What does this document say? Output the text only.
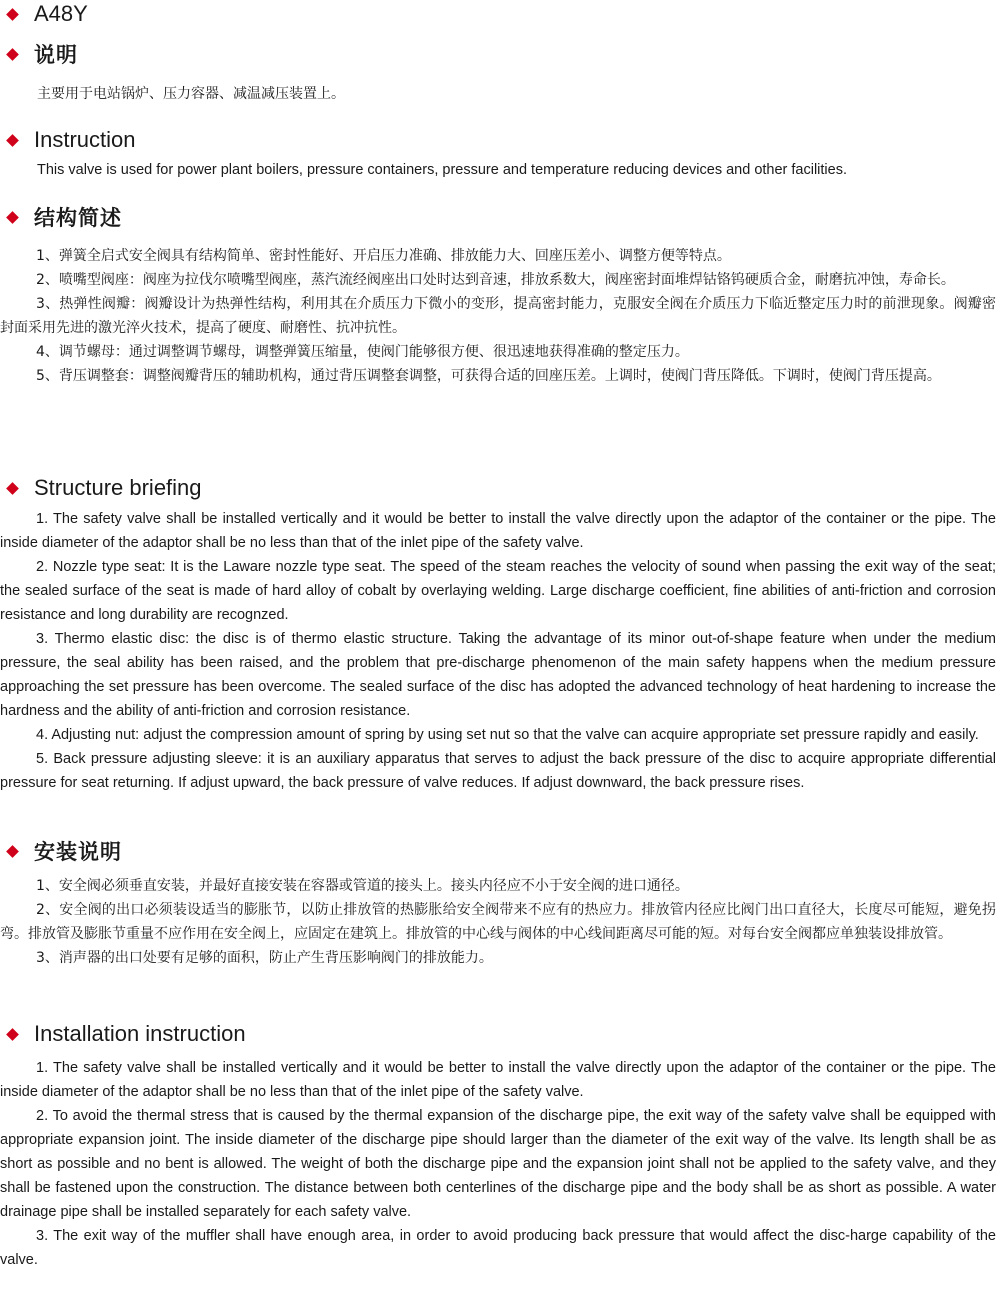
A48Y
说明

主要用于电站锅炉、压力容器、减温减压装置上。

Instruction

This valve is used for power plant boilers, pressure containers, pressure and temperature reducing devices and other facilities.

结构简述

1、弹簧全启式安全阀具有结构简单、密封性能好、开启压力准确、排放能力大、回座压差小、调整方便等特点。

2、喷嘴型阀座：阀座为拉伐尔喷嘴型阀座，蒸汽流经阀座出口处时达到音速，排放系数大，阀座密封面堆焊钴铬钨硬质合金，耐磨抗冲蚀，寿命长。

3、热弹性阀瓣：阀瓣设计为热弹性结构，利用其在介质压力下微小的变形，提高密封能力，克服安全阀在介质压力下临近整定压力时的前泄现象。阀瓣密封面采用先进的激光淬火技术，提高了硬度、耐磨性、抗冲抗性。

4、调节螺母：通过调整调节螺母，调整弹簧压缩量，使阀门能够很方便、很迅速地获得准确的整定压力。

5、背压调整套：调整阀瓣背压的辅助机构，通过背压调整套调整，可获得合适的回座压差。上调时，使阀门背压降低。下调时，使阀门背压提高。

Structure briefing

1. The safety valve shall be installed vertically and it would be better to install the valve directly upon the adaptor of the container or the pipe. The inside diameter of the adaptor shall be no less than that of the inlet pipe of the safety valve.

2. Nozzle type seat: It is the Laware nozzle type seat. The speed of the steam reaches the velocity of sound when passing the exit way of the seat; the sealed surface of the seat is made of hard alloy of cobalt by overlaying welding. Large discharge coefficient, fine abilities of anti-friction and corrosion resistance and long durability are recognzed.

3. Thermo elastic disc: the disc is of thermo elastic structure. Taking the advantage of its minor out-of-shape feature when under the medium pressure, the seal ability has been raised, and the problem that pre-discharge phenomenon of the main safety happens when the medium pressure approaching the set pressure has been overcome. The sealed surface of the disc has adopted the advanced technology of heat hardening to increase the hardness and the ability of anti-friction and corrosion resistance.

4. Adjusting nut: adjust the compression amount of spring by using set nut so that the valve can acquire appropriate set pressure rapidly and easily.

5. Back pressure adjusting sleeve: it is an auxiliary apparatus that serves to adjust the back pressure of the disc to acquire appropriate differential pressure for seat returning. If adjust upward, the back pressure of valve reduces. If adjust downward, the back pressure rises.

安装说明

1、安全阀必须垂直安装，并最好直接安装在容器或管道的接头上。接头内径应不小于安全阀的进口通径。

2、安全阀的出口必须装设适当的膨胀节，以防止排放管的热膨胀给安全阀带来不应有的热应力。排放管内径应比阀门出口直径大，长度尽可能短，避免拐弯。排放管及膨胀节重量不应作用在安全阀上，应固定在建筑上。排放管的中心线与阀体的中心线间距离尽可能的短。对每台安全阀都应单独装设排放管。

3、消声器的出口处要有足够的面积，防止产生背压影响阀门的排放能力。

Installation instruction

1. The safety valve shall be installed vertically and it would be better to install the valve directly upon the adaptor of the container or the pipe. The inside diameter of the adaptor shall be no less than that of the inlet pipe of the safety valve.

2. To avoid the thermal stress that is caused by the thermal expansion of the discharge pipe, the exit way of the safety valve shall be equipped with appropriate expansion joint. The inside diameter of the discharge pipe should larger than the diameter of the exit way of the valve. Its length shall be as short as possible and no bent is allowed. The weight of both the discharge pipe and the expansion joint shall not be applied to the safety valve, and they shall be fastened upon the construction. The distance between both centerlines of the discharge pipe and the body shall be as short as possible. A water drainage pipe shall be installed separately for each safety valve.

3. The exit way of the muffler shall have enough area, in order to avoid producing back pressure that would affect the disc-harge capability of the valve.
